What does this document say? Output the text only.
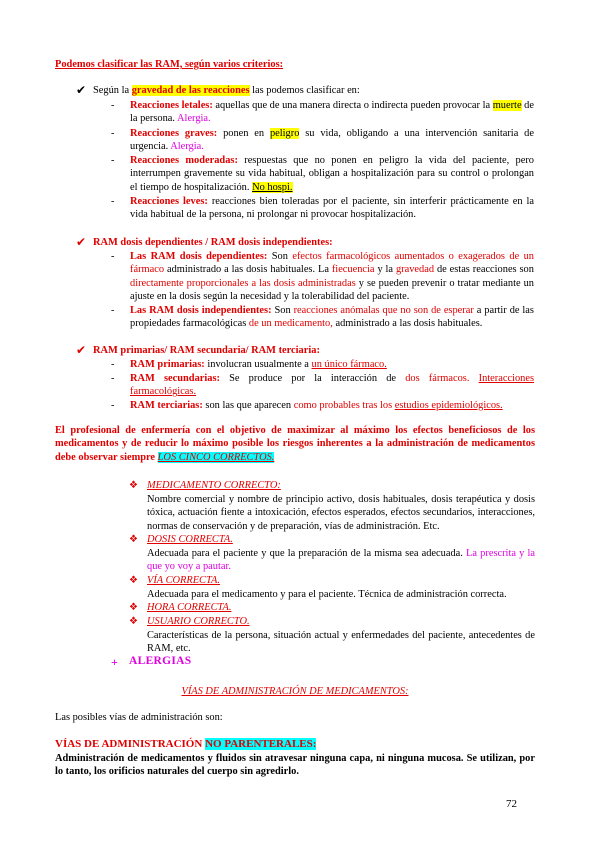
Podemos clasificar las RAM, según varios criterios:
✔ Según la gravedad de las reacciones las podemos clasificar en:
- Reacciones letales: aquellas que de una manera directa o indirecta pueden provocar la muerte de la persona. Alergia.
- Reacciones graves: ponen en peligro su vida, obligando a una intervención sanitaria de urgencia. Alergia.
- Reacciones moderadas: respuestas que no ponen en peligro la vida del paciente, pero interrumpen gravemente su vida habitual, obligan a hospitalización para su control o prolongan el tiempo de hospitalización. No hospi.
- Reacciones leves: reacciones bien toleradas por el paciente, sin interferir prácticamente en la vida habitual de la persona, ni prolongar ni provocar hospitalización.
✔ RAM dosis dependientes / RAM dosis independientes:
- Las RAM dosis dependientes: Son efectos farmacológicos aumentados o exagerados de un fármaco administrado a las dosis habituales. La fiecuencia y la gravedad de estas reacciones son directamente proporcionales a las dosis administradas y se pueden prevenir o tratar mediante un ajuste en la dosis según la necesidad y la tolerabilidad del paciente.
- Las RAM dosis independientes: Son reacciones anómalas que no son de esperar a partir de las propiedades farmacológicas de un medicamento, administrado a las dosis habituales.
✔ RAM primarias/ RAM secundaria/ RAM terciaria:
- RAM primarias: involucran usualmente a un único fármaco.
- RAM secundarias: Se produce por la interacción de dos fármacos. Interacciones farmacológicas.
- RAM terciarias: son las que aparecen como probables tras los estudios epidemiológicos.
El profesional de enfermería con el objetivo de maximizar al máximo los efectos beneficiosos de los medicamentos y de reducir lo máximo posible los riesgos inherentes a la administración de medicamentos debe observar siempre LOS CINCO CORRECTOS.
❖ MEDICAMENTO CORRECTO:
Nombre comercial y nombre de principio activo, dosis habituales, dosis terapéutica y dosis tóxica, actuación fiente a intoxicación, efectos esperados, efectos secundarios, interacciones, normas de conservación y de preparación, vías de administración. Etc.
❖ DOSIS CORRECTA.
Adecuada para el paciente y que la preparación de la misma sea adecuada. La prescrita y la que yo voy a pautar.
❖ VÍA CORRECTA.
Adecuada para el medicamento y para el paciente. Técnica de administración correcta.
❖ HORA CORRECTA.
❖ USUARIO CORRECTO.
Características de la persona, situación actual y enfermedades del paciente, antecedentes de RAM, etc.
+ ALERGIAS
VÍAS DE ADMINISTRACIÓN DE MEDICAMENTOS:
Las posibles vías de administración son:
VÍAS DE ADMINISTRACIÓN NO PARENTERALES:
Administración de medicamentos y fluidos sin atravesar ninguna capa, ni ninguna mucosa. Se utilizan, por lo tanto, los orificios naturales del cuerpo sin agredirlo.
72
